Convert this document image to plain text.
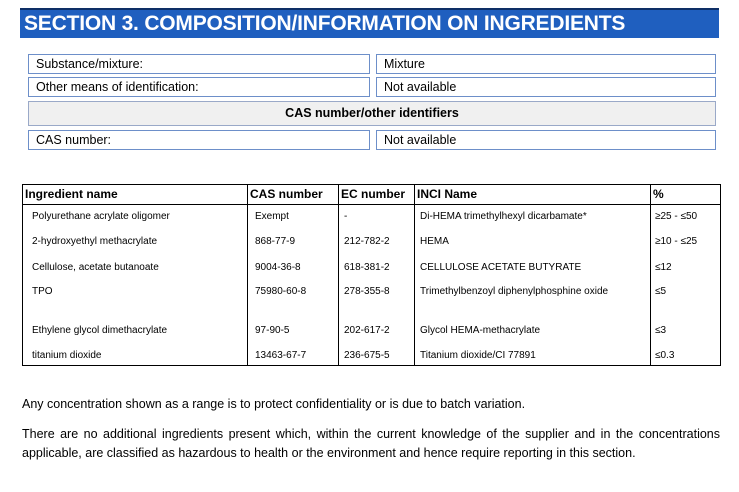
SECTION 3. COMPOSITION/INFORMATION ON INGREDIENTS
Substance/mixture:	Mixture
Other means of identification:	Not available
CAS number/other identifiers
CAS number:	Not available
Ingredient name	CAS number	EC number	INCI Name	%
Polyurethane acrylate oligomer	Exempt	-	Di-HEMA trimethylhexyl dicarbamate*	≥25 - ≤50
2-hydroxyethyl methacrylate	868-77-9	212-782-2	HEMA	≥10 - ≤25
Cellulose, acetate butanoate	9004-36-8	618-381-2	CELLULOSE ACETATE BUTYRATE	≤12
TPO	75980-60-8	278-355-8	Trimethylbenzoyl diphenylphosphine oxide	≤5
Ethylene glycol dimethacrylate	97-90-5	202-617-2	Glycol HEMA-methacrylate	≤3
titanium dioxide	13463-67-7	236-675-5	Titanium dioxide/CI 77891	≤0.3

Any concentration shown as a range is to protect confidentiality or is due to batch variation.

There are no additional ingredients present which, within the current knowledge of the supplier and in the concentrations applicable, are classified as hazardous to health or the environment and hence require reporting in this section.
